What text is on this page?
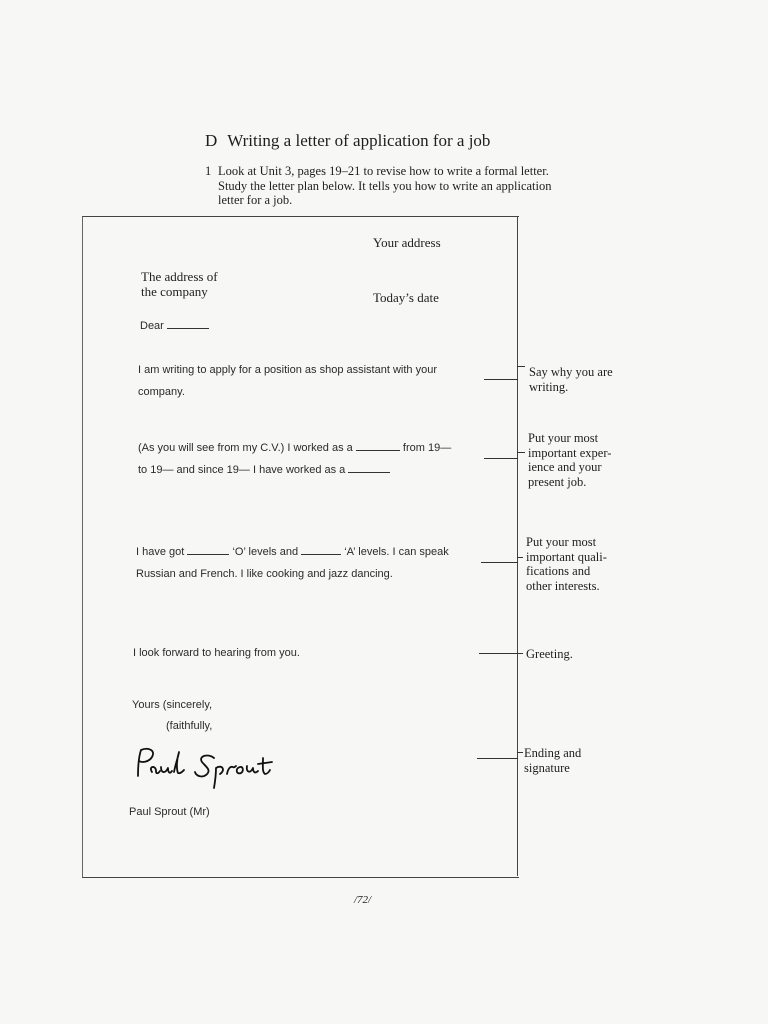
D Writing a letter of application for a job
1 Look at Unit 3, pages 19–21 to revise how to write a formal letter.
Study the letter plan below. It tells you how to write an application
letter for a job.
Your address
The address of
the company	Today’s date
Dear
I am writing to apply for a position as shop assistant with your
company.
(As you will see from my C.V.) I worked as a	from 19—
to 19— and since 19— I have worked as a
I have got	‘O’ levels and	‘A’ levels. I can speak
Russian and French. I like cooking and jazz dancing.
I look forward to hearing from you.
Yours (sincerely,
(faithfully,
Paul Sprout (Mr)
Say why you are
writing.
Put your most
important exper-
ience and your
present job.
Put your most
important quali-
fications and
other interests.
Greeting.
Ending and
signature
/72/
